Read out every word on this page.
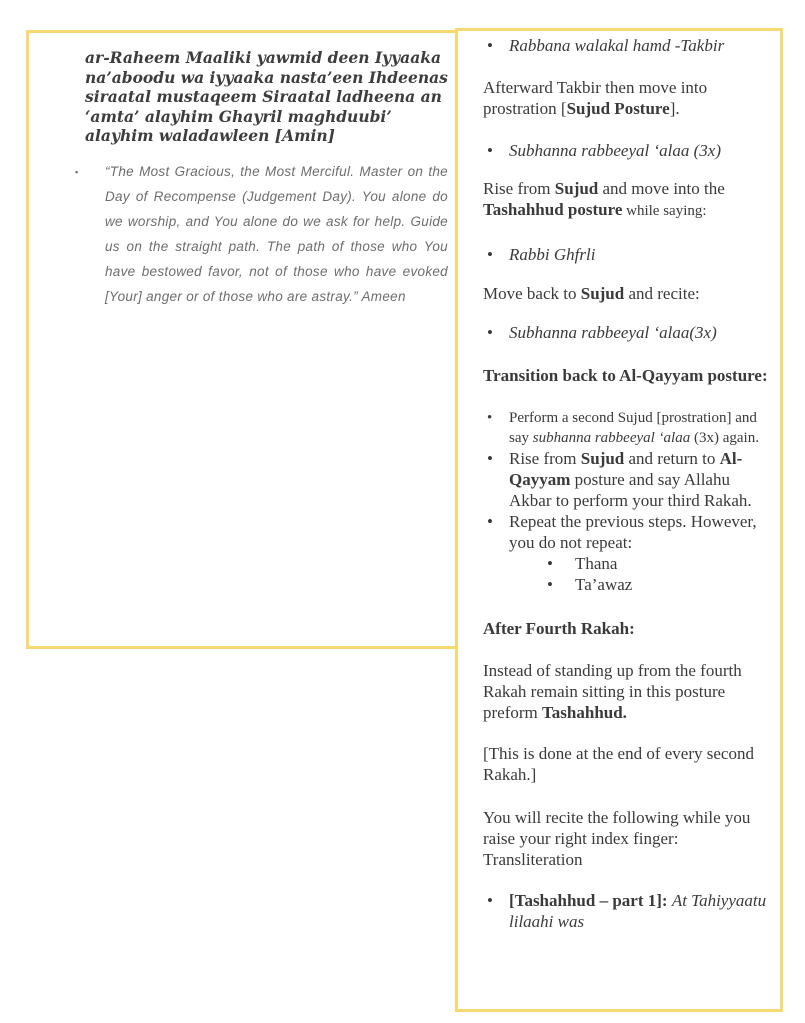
ar-Raheem Maaliki yawmid deen Iyyaaka na’aboodu wa iyyaaka nasta’een Ihdeenas siraatal mustaqeem Siraatal ladheena an ‘amta’ alayhim Ghayril maghduubi’ alayhim waladawleen [Amin]

▪ “The Most Gracious, the Most Merciful. Master on the Day of Recompense (Judgement Day). You alone do we worship, and You alone do we ask for help. Guide us on the straight path. The path of those who You have bestowed favor, not of those who have evoked [Your] anger or of those who are astray.” Ameen

• Rabbana walakal hamd -Takbir

Afterward Takbir then move into prostration [Sujud Posture].

• Subhanna rabbeeyal ‘alaa (3x)

Rise from Sujud and move into the Tashahhud posture while saying:

• Rabbi Ghfrli

Move back to Sujud and recite:

• Subhanna rabbeeyal ‘alaa(3x)

Transition back to Al-Qayyam posture:

•	Perform a second Sujud [prostration] and say subhanna rabbeeyal ‘alaa (3x) again.
• Rise from Sujud and return to Al-Qayyam posture and say Allahu Akbar to perform your third Rakah.
• Repeat the previous steps. However, you do not repeat:
•	Thana
•	Ta’awaz

After Fourth Rakah:

Instead of standing up from the fourth Rakah remain sitting in this posture preform Tashahhud.

[This is done at the end of every second Rakah.]

You will recite the following while you raise your right index finger: Transliteration

• [Tashahhud – part 1]: At Tahiyyaatu lilaahi was
